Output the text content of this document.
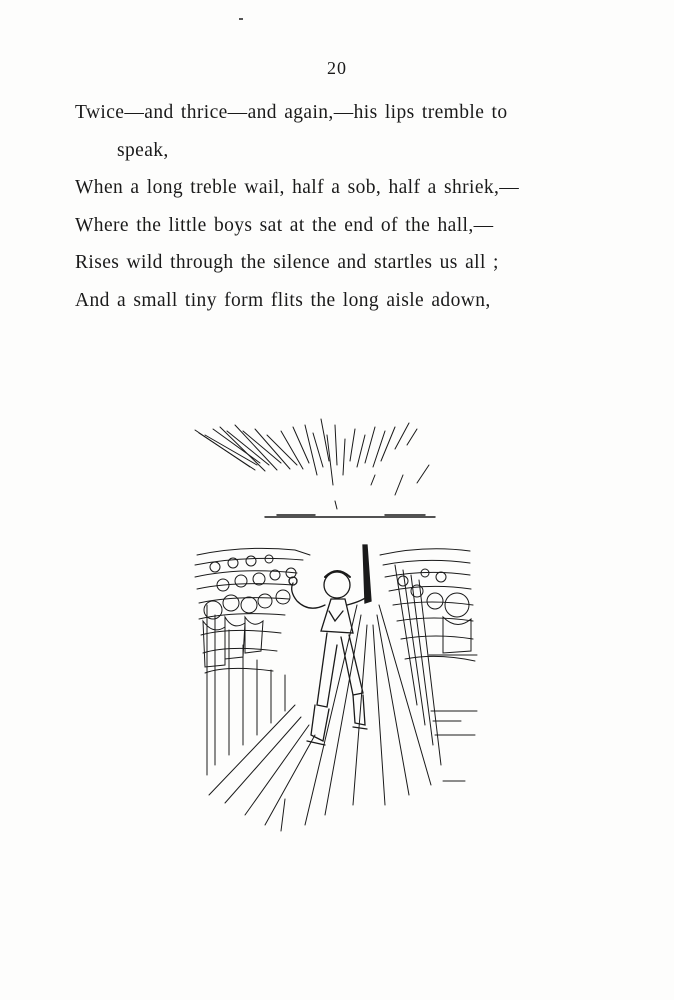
20
Twice—and thrice—and again,—his lips tremble to
speak,
When a long treble wail, half a sob, half a shriek,—
Where the little boys sat at the end of the hall,—
Rises wild through the silence and startles us all ;
And a small tiny form flits the long aisle adown,
